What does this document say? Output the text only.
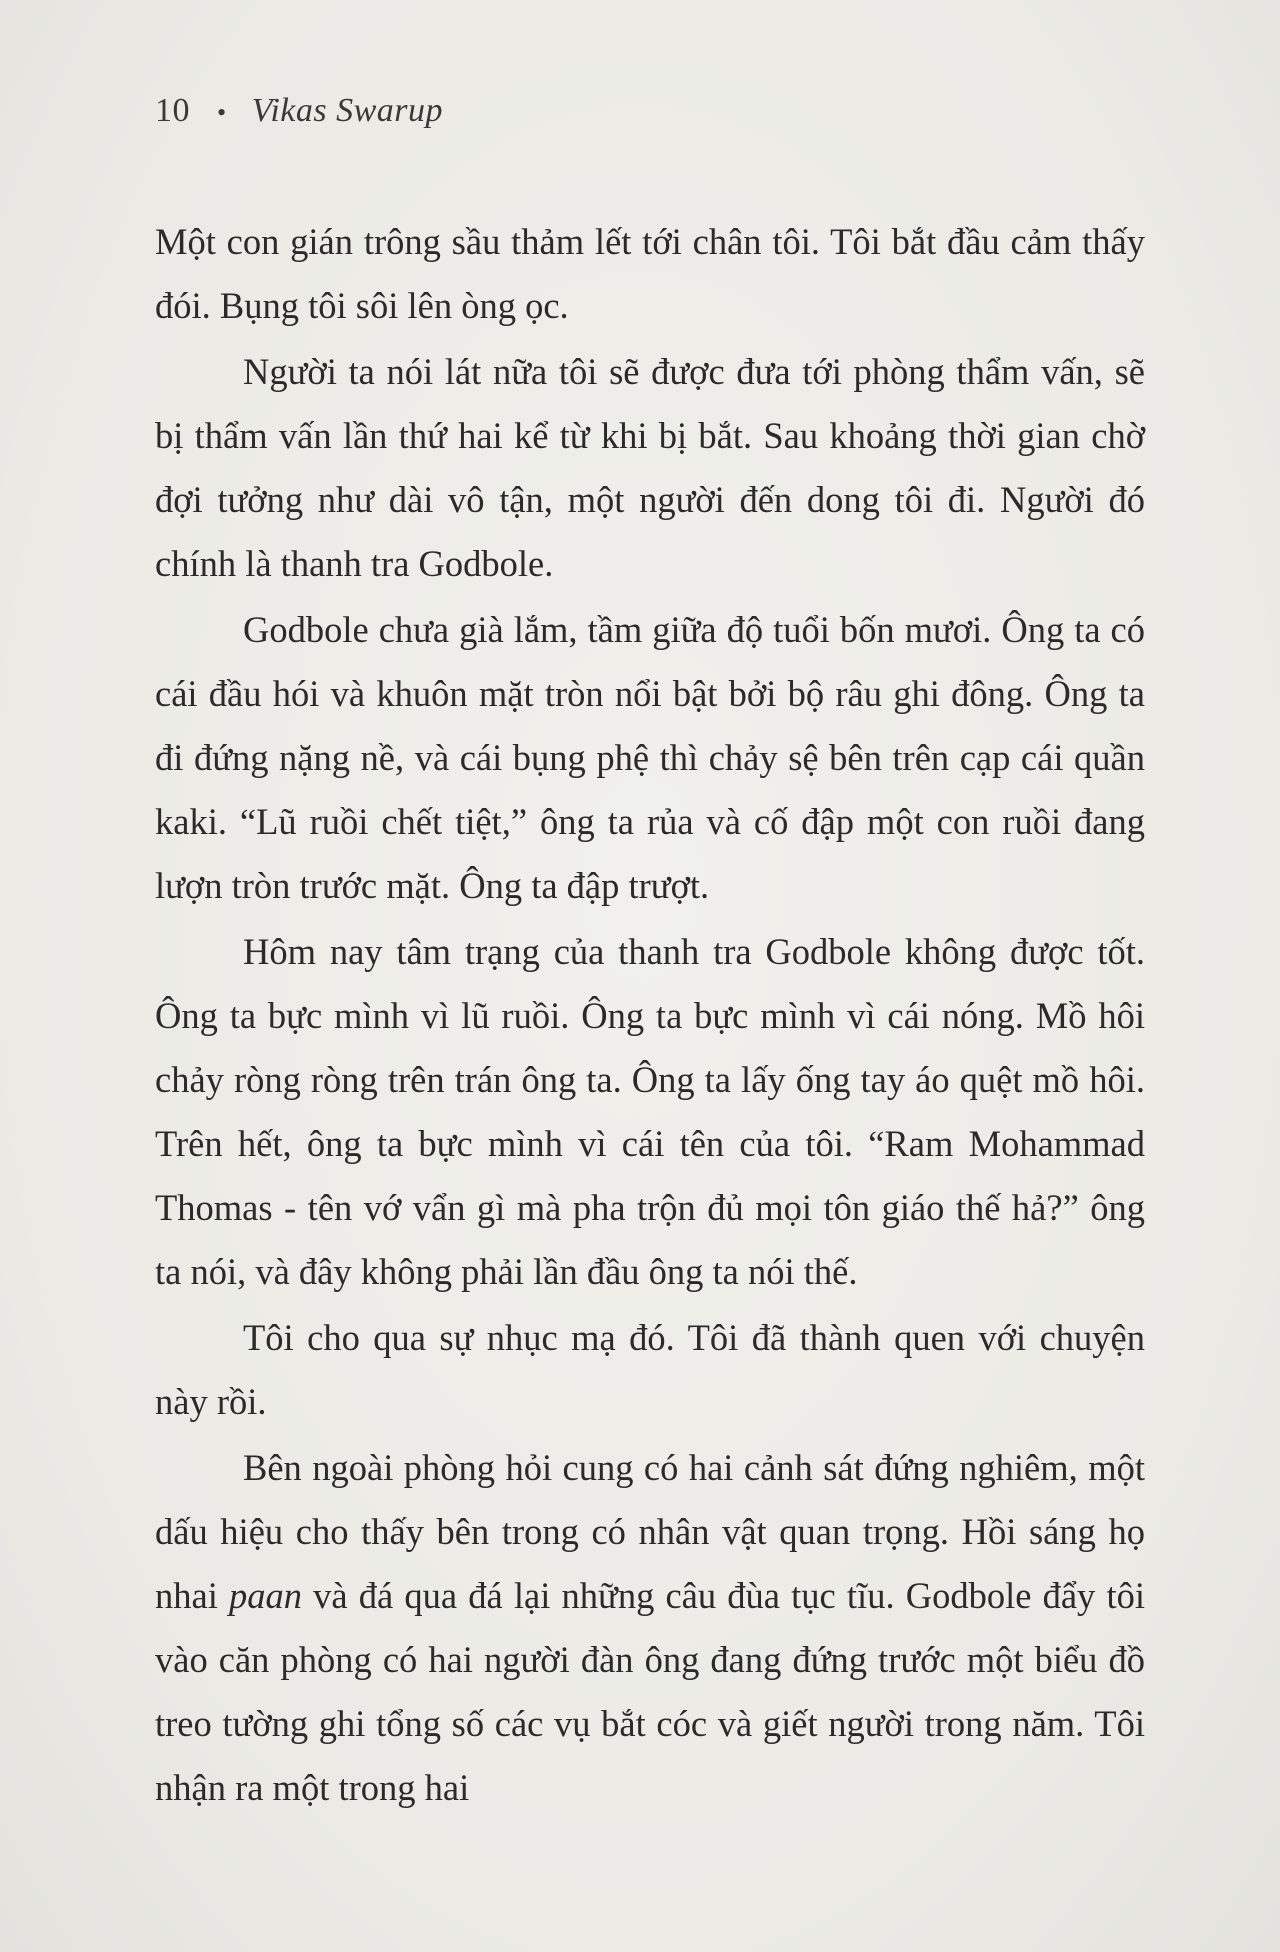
10 • Vikas Swarup

Một con gián trông sầu thảm lết tới chân tôi. Tôi bắt đầu cảm thấy đói. Bụng tôi sôi lên òng ọc.

Người ta nói lát nữa tôi sẽ được đưa tới phòng thẩm vấn, sẽ bị thẩm vấn lần thứ hai kể từ khi bị bắt. Sau khoảng thời gian chờ đợi tưởng như dài vô tận, một người đến dong tôi đi. Người đó chính là thanh tra Godbole.

Godbole chưa già lắm, tầm giữa độ tuổi bốn mươi. Ông ta có cái đầu hói và khuôn mặt tròn nổi bật bởi bộ râu ghi đông. Ông ta đi đứng nặng nề, và cái bụng phệ thì chảy sệ bên trên cạp cái quần kaki. “Lũ ruồi chết tiệt,” ông ta rủa và cố đập một con ruồi đang lượn tròn trước mặt. Ông ta đập trượt.

Hôm nay tâm trạng của thanh tra Godbole không được tốt. Ông ta bực mình vì lũ ruồi. Ông ta bực mình vì cái nóng. Mồ hôi chảy ròng ròng trên trán ông ta. Ông ta lấy ống tay áo quệt mồ hôi. Trên hết, ông ta bực mình vì cái tên của tôi. “Ram Mohammad Thomas - tên vớ vẩn gì mà pha trộn đủ mọi tôn giáo thế hả?” ông ta nói, và đây không phải lần đầu ông ta nói thế.

Tôi cho qua sự nhục mạ đó. Tôi đã thành quen với chuyện này rồi.

Bên ngoài phòng hỏi cung có hai cảnh sát đứng nghiêm, một dấu hiệu cho thấy bên trong có nhân vật quan trọng. Hồi sáng họ nhai paan và đá qua đá lại những câu đùa tục tĩu. Godbole đẩy tôi vào căn phòng có hai người đàn ông đang đứng trước một biểu đồ treo tường ghi tổng số các vụ bắt cóc và giết người trong năm. Tôi nhận ra một trong hai
